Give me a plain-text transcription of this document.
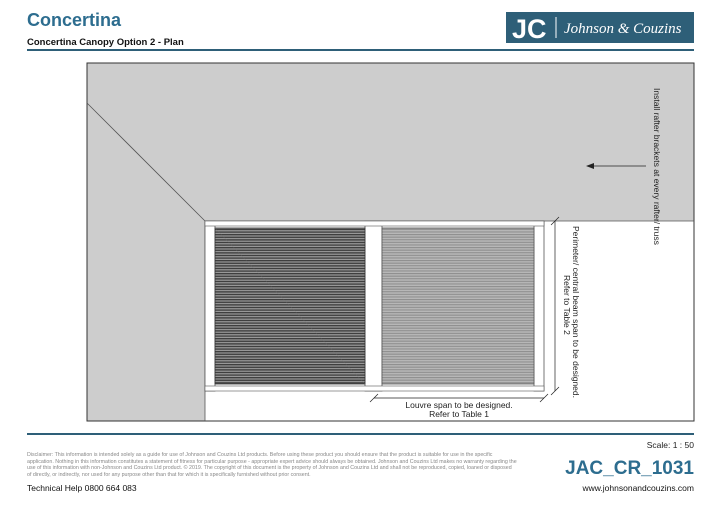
Concertina
Concertina Canopy Option 2 - Plan	JC Johnson & Couzins
Install rafter brackets at every rafter/ truss
Perimeter/ central beam span to be designed.
Refer to Table 2
Louvre span to be designed.
Refer to Table 1
Scale: 1 : 50
Disclaimer: This information is intended solely as a guide for use of Johnson and Couzins Ltd products. Before using these product you should ensure that the product is suitable for use in the specific application. Nothing in this information constitutes a statement of fitness for particular purpose - appropriate expert advice should always be obtained. Johnson and Couzins Ltd makes no warranty regarding the use of this information with non-Johnson and Couzins Ltd product. © 2019. The copyright of this document is the property of Johnson and Couzins Ltd and shall not be reproduced, copied, loaned or disposed of directly, or indirectly, nor used for any purpose other than that for which it is specifically furnished without prior consent.	JAC_CR_1031
Technical Help 0800 664 083	www.johnsonandcouzins.com
